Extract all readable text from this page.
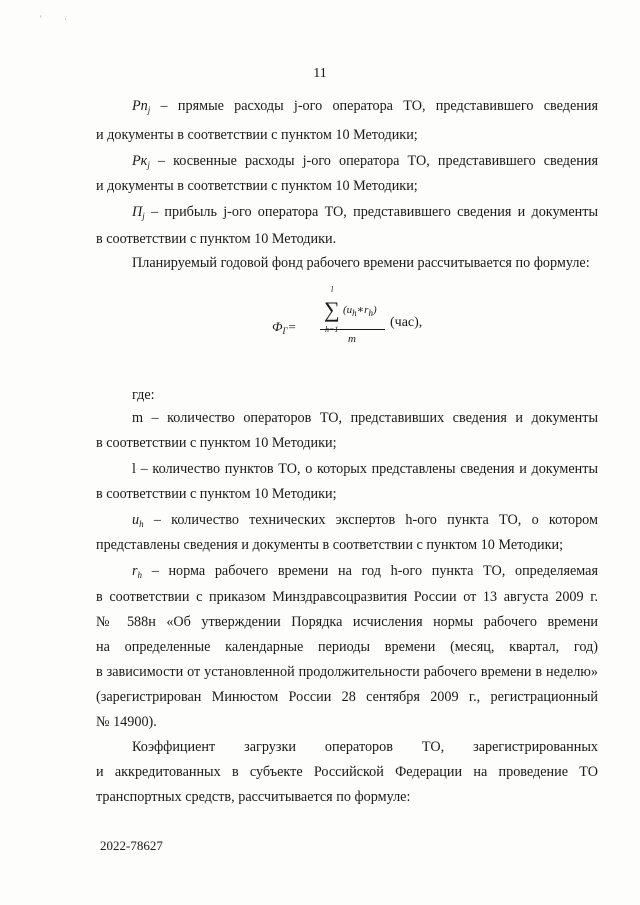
' ·
11
$Рп_j$ – прямые расходы j-ого оператора ТО, представившего сведения
и документы в соответствии с пунктом 10 Методики;
$Рк_j$ – косвенные расходы j-ого оператора ТО, представившего сведения
и документы в соответствии с пунктом 10 Методики;
$П_j$ – прибыль j-ого оператора ТО, представившего сведения и документы
в соответствии с пунктом 10 Методики.
Планируемый годовой фонд рабочего времени рассчитывается по формуле:
$Ф_Г=$
l
∑ $(u_h∗r_h)$
m
(час),
где:
m – количество операторов ТО, представивших сведения и документы
в соответствии с пунктом 10 Методики;
l – количество пунктов ТО, о которых представлены сведения и документы
в соответствии с пунктом 10 Методики;
$u_h$ – количество технических экспертов h-ого пункта ТО, о котором
представлены сведения и документы в соответствии с пунктом 10 Методики;
$r_h$ – норма рабочего времени на год h-ого пункта ТО, определяемая
в соответствии с приказом Минздравсоцразвития России от 13 августа 2009 г.
№ 588н «Об утверждении Порядка исчисления нормы рабочего времени
на определенные календарные периоды времени (месяц, квартал, год)
в зависимости от установленной продолжительности рабочего времени в неделю»
(зарегистрирован Минюстом России 28 сентября 2009 г., регистрационный
№ 14900).
Коэффициент загрузки операторов ТО, зарегистрированных
и аккредитованных в субъекте Российской Федерации на проведение ТО
транспортных средств, рассчитывается по формуле:
2022-78627
